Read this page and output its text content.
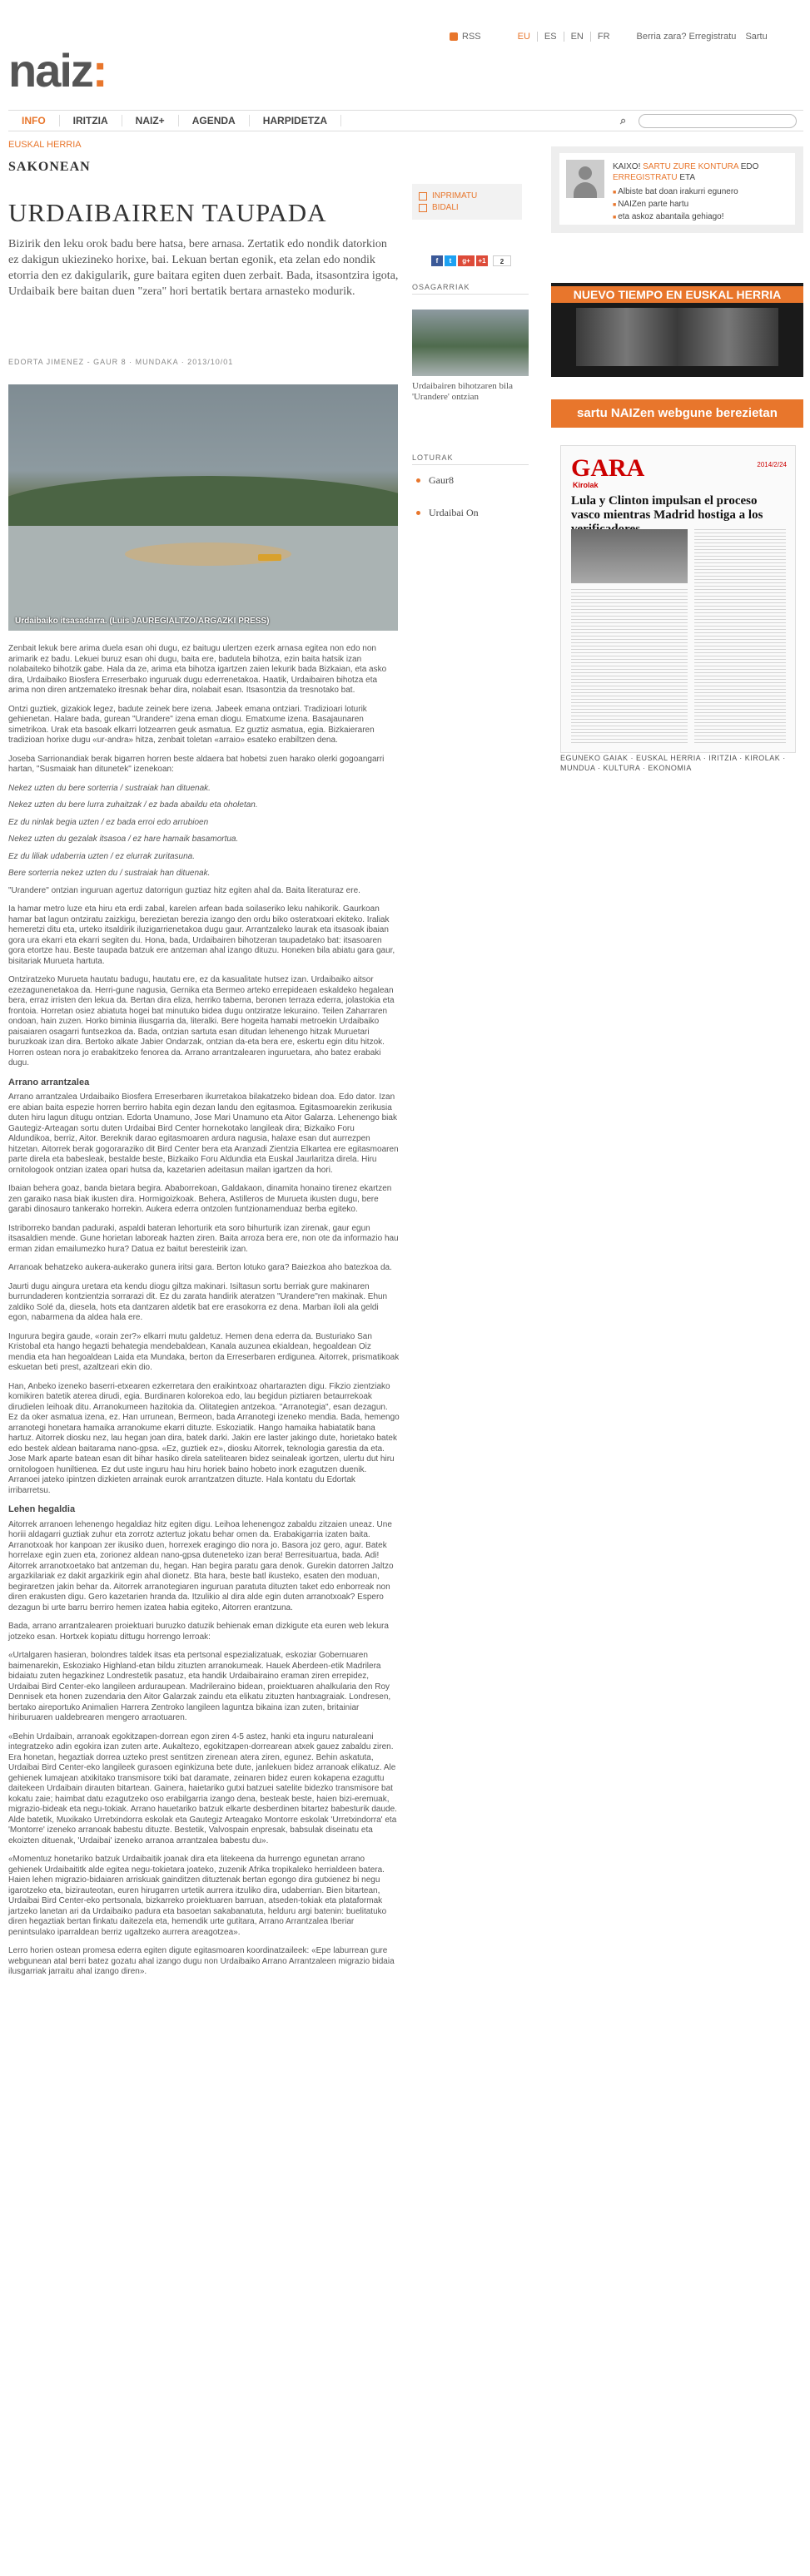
RSS	EU	ES	EN	FR	Berria zara? Erregistratu Sartu
naiz:
INFO	IRITZIA	NAIZ+	AGENDA	HARPIDETZA	⌕
EUSKAL HERRIA
SAKONEAN
URDAIBAIREN TAUPADA
Bizirik den leku orok badu bere hatsa, bere arnasa. Zertatik edo nondik datorkion ez dakigun ukiezineko horixe, bai. Lekuan bertan egonik, eta zelan edo nondik etorria den ez dakigularik, gure baitara egiten duen zerbait. Bada, itsasontzira igota, Urdaibaik bere baitan duen "zera" hori bertatik bertara arnasteko modurik.
EDORTA JIMENEZ - GAUR 8 · MUNDAKA · 2013/10/01
Urdaibaiko itsasadarra. (Luis JAUREGIALTZO/ARGAZKI PRESS)

Zenbait lekuk bere arima duela esan ohi dugu, ez baitugu ulertzen ezerk arnasa egitea non edo non arimarik ez badu. Lekuei buruz esan ohi dugu, baita ere, badutela bihotza, ezin baita hatsik izan nolabaiteko bihotzik gabe. Hala da ze, arima eta bihotza igartzen zaien lekurik bada Bizkaian, eta asko dira, Urdaibaiko Biosfera Erreserbako inguruak dugu ederrenetakoa. Haatik, Urdaibairen bihotza eta arima non diren antzemateko itresnak behar dira, nolabait esan. Itsasontzia da tresnotako bat.

Ontzi guztiek, gizakiok legez, badute zeinek bere izena. Jabeek emana ontziari. Tradizioari loturik gehienetan. Halare bada, gurean "Urandere" izena eman diogu. Ematxume izena. Basajaunaren simetrikoa. Urak eta basoak elkarri lotzearren geuk asmatua. Ez guztiz asmatua, egia. Bizkaieraren tradizioan horixe dugu «ur-andra» hitza, zenbait toletan «arraio» esateko erabiltzen dena.

Joseba Sarrionandiak berak bigarren horren beste aldaera bat hobetsi zuen harako olerki gogoangarri hartan, "Susmaiak han ditunetek" izenekoan:

Nekez uzten du bere sorterria / sustraiak han dituenak.

Nekez uzten du bere lurra zuhaitzak / ez bada abaildu eta oholetan.

Ez du ninlak begia uzten / ez bada erroi edo arrubioen

Nekez uzten du gezalak itsasoa / ez hare hamaik basamortua.

Ez du liliak udaberria uzten / ez elurrak zuritasuna.

Bere sorterria nekez uzten du / sustraiak han dituenak.

"Urandere" ontzian inguruan agertuz datorrigun guztiaz hitz egiten ahal da. Baita literaturaz ere.

Ia hamar metro luze eta hiru eta erdi zabal, karelen arfean bada soilaseriko leku nahikorik. Gaurkoan hamar bat lagun ontziratu zaizkigu, berezietan berezia izango den ordu biko osteratxoari ekiteko. Iraliak hemeretzi ditu eta, urteko itsaldirik iluzigarrienetakoa dugu gaur. Arrantzaleko laurak eta itsasoak ibaian gora ura ekarri eta ekarri segiten du. Hona, bada, Urdaibairen bihotzeran taupadetako bat: itsasoaren gora etortze hau. Beste taupada batzuk ere antzeman ahal izango dituzu. Honeken bila abiatu gara gaur, bisitariak Murueta hartuta.

Ontziratzeko Murueta hautatu badugu, hautatu ere, ez da kasualitate hutsez izan. Urdaibaiko aitsor ezezagunenetakoa da. Herri-gune nagusia, Gernika eta Bermeo arteko errepideaen eskaldeko hegalean bera, erraz irristen den lekua da. Bertan dira eliza, herriko taberna, beronen terraza ederra, jolastokia eta frontoia. Horretan osiez abiatuta hogei bat minutuko bidea dugu ontziratze lekuraino. Teilen Zaharraren ondoan, hain zuzen. Horko biminia iliusgarria da, literalki. Bere hogeita hamabi metroekin Urdaibaiko paisaiaren osagarri funtsezkoa da. Bada, ontzian sartuta esan ditudan lehenengo hitzak Muruetari buruzkoak izan dira. Bertoko alkate Jabier Ondarzak, ontzian da-eta bera ere, eskertu egin ditu hitzok. Horren ostean nora jo erabakitzeko fenorea da. Arrano arrantzalearen inguruetara, aho batez erabaki dugu.

Arrano arrantzalea

Arrano arrantzalea Urdaibaiko Biosfera Erreserbaren ikurretakoa bilakatzeko bidean doa. Edo dator. Izan ere abian baita espezie horren berriro habita egin dezan landu den egitasmoa. Egitasmoarekin zerikusia duten hiru lagun ditugu ontzian. Edorta Unamuno, Jose Mari Unamuno eta Aitor Galarza. Lehenengo biak Gautegiz-Arteagan sortu duten Urdaibai Bird Center hornekotako langileak dira; Bizkaiko Foru Aldundikoa, berriz, Aitor. Bereknik darao egitasmoaren ardura nagusia, halaxe esan dut aurrezpen hitzetan. Aitorrek berak gogoraraziko dit Bird Center bera eta Aranzadi Zientzia Elkartea ere egitasmoaren parte direla eta babesleak, bestalde beste, Bizkaiko Foru Aldundia eta Euskal Jaurlaritza direla. Hiru ornitologook ontzian izatea opari hutsa da, kazetarien adeitasun mailan igartzen da hori.

Ibaian behera goaz, banda bietara begira. Ababorrekoan, Galdakaon, dinamita honaino tirenez ekartzen zen garaiko nasa biak ikusten dira. Hormigoizkoak. Behera, Astilleros de Murueta ikusten dugu, bere garabi dinosauro tankerako horrekin. Aukera ederra ontzolen funtzionamenduaz berba egiteko.

Istriborreko bandan paduraki, aspaldi bateran lehorturik eta soro bihurturik izan zirenak, gaur egun itsasaldien mende. Gune horietan laboreak hazten ziren. Baita arroza bera ere, non ote da informazio hau erman zidan emailumezko hura? Datua ez baitut beresteirik izan.

Arranoak behatzeko aukera-aukerako gunera iritsi gara. Berton lotuko gara? Baiezkoa aho batezkoa da.

Jaurti dugu aingura uretara eta kendu diogu giltza makinari. Isiltasun sortu berriak gure makinaren burrundaderen kontzientzia sorrarazi dit. Ez du zarata handirik ateratzen "Urandere"ren makinak. Ehun zaldiko Solé da, diesela, hots eta dantzaren aldetik bat ere erasokorra ez dena. Marban iloli ala geldi egon, nabarmena da aldea hala ere.

Ingurura begira gaude, «orain zer?» elkarri mutu galdetuz. Hemen dena ederra da. Busturiako San Kristobal eta hango hegazti behategia mendebaldean, Kanala auzunea ekialdean, hegoaldean Oiz mendia eta han hegoaldean Laida eta Mundaka, berton da Erreserbaren erdigunea. Aitorrek, prismatikoak eskuetan beti prest, azaltzeari ekin dio.

Han, Anbeko izeneko baserri-etxearen ezkerretara den eraikintxoaz ohartarazten digu. Fikzio zientziako komikiren batetik aterea dirudi, egia. Burdinaren kolorekoa edo, lau begidun piztiaren betaurrekoak dirudielen leihoak ditu. Arranokumeen hazitokia da. Olitategien antzekoa. "Arranotegia", esan dezagun. Ez da oker asmatua izena, ez. Han urrunean, Bermeon, bada Arranotegi izeneko mendia. Bada, hemengo arranotegi honetara hamaika arranokume ekarri dituzte. Eskoziatik. Hango hamaika habiatatik bana hartuz. Aitorrek diosku nez, lau hegan joan dira, batek darki. Jakin ere laster jakingo dute, horietako batek edo bestek aldean baitarama nano-gpsa. «Ez, guztiek ez», diosku Aitorrek, teknologia garestia da eta. Jose Mark aparte batean esan dit bihar hasiko direla satelitearen bidez seinaleak igortzen, ulertu dut hiru ornitologoen huniltienea. Ez dut uste inguru hau hiru horiek baino hobeto inork ezagutzen duenik. Arranoei jateko ipintzen dizkieten arrainak eurok arrantzatzen dituzte. Hala kontatu du Edortak irribarretsu.

Lehen hegaldia

Aitorrek arranoen lehenengo hegaldiaz hitz egiten digu. Leihoa lehenengoz zabaldu zitzaien uneaz. Une horiii aldagarri guztiak zuhur eta zorrotz aztertuz jokatu behar omen da. Erabakigarria izaten baita. Arranotxoak hor kanpoan zer ikusiko duen, horrexek eragingo dio nora jo. Basora joz gero, agur. Batek horrelaxe egin zuen eta, zorionez aldean nano-gpsa duteneteko izan bera! Berresituartua, bada. Adi! Aitorrek arranotxoetako bat antzeman du, hegan. Han begira paratu gara denok. Gurekin datorren Jaltzo argazkilariak ez dakit argazkirik egin ahal dionetz. Bta hara, beste batl ikusteko, esaten den moduan, begiraretzen jakin behar da. Aitorrek arranotegiaren inguruan paratuta dituzten taket edo enborreak non diren erakusten digu. Gero kazetarien hranda da. Itzulikio al dira alde egin duten arranotxoak? Espero dezagun bi urte barru berriro hemen izatea habia egiteko, Aitorren erantzuna.

Bada, arrano arrantzalearen proiektuari buruzko datuzik behienak eman dizkigute eta euren web lekura jotzeko esan. Hortxek kopiatu dittugu horrengo lerroak:

«Urtalgaren hasieran, bolondres taldek itsas eta pertsonal espezializatuak, eskoziar Gobernuaren baimenarekin, Eskoziako Highland-etan bildu zituzten arranokumeak. Hauek Aberdeen-etik Madrilera bidaiatu zuten hegazkinez Londrestetik pasatuz, eta handik Urdaibairaino eraman ziren errepidez, Urdaibai Bird Center-eko langileen arduraupean. Madrileraino bidean, proiektuaren ahalkularia den Roy Dennisek eta honen zuzendaria den Aitor Galarzak zaindu eta elikatu zituzten hantxagraiak. Londresen, bertako aireportuko Animalien Harrera Zentroko langileen laguntza bikaina izan zuten, britainiar hiriburuaren ualdebrearen mengero arraotuaren.

«Behin Urdaibain, arranoak egokitzapen-dorrean egon ziren 4-5 astez, hanki eta inguru naturaleani integratzeko adin egokira izan zuten arte. Aukaltezo, egokitzapen-dorrearean atxek gauez zabaldu ziren. Era honetan, hegaztiak dorrea uzteko prest sentitzen zirenean atera ziren, egunez. Behin askatuta, Urdaibai Bird Center-eko langileek gurasoen eginkizuna bete dute, janlekuen bidez arranoak elikatuz. Ale gehienek lumajean atxikitako transmisore txiki bat daramate, zeinaren bidez euren kokapena ezaguttu daitekeen Urdaibain dirauten bitartean. Gainera, haietariko gutxi batzuei satelite bidezko transmisore bat kokatu zaie; haimbat datu ezagutzeko oso erabilgarria izango dena, besteak beste, haien bizi-eremuak, migrazio-bideak eta negu-tokiak. Arrano hauetariko batzuk elkarte desberdinen bitartez babesturik daude. Alde batetik, Muxikako Urretxindorra eskolak eta Gautegiz Arteagako Montorre eskolak 'Urretxindorra' eta 'Montorre' izeneko arranoak babestu dituzte. Bestetik, Valvospain enpresak, babsulak diseinatu eta ekoizten dituenak, 'Urdaibai' izeneko arranoa arrantzalea babestu du».

«Momentuz honetariko batzuk Urdaibaitik joanak dira eta litekeena da hurrengo egunetan arrano gehienek Urdaibaititk alde egitea negu-tokietara joateko, zuzenik Afrika tropikaleko herrialdeen batera. Haien lehen migrazio-bidaiaren arriskuak gainditzen dituztenak bertan egongo dira gutxienez bi negu igarotzeko eta, bizirauteotan, euren hirugarren urtetik aurrera itzuliko dira, udaberrian. Bien bitartean, Urdaibai Bird Center-eko pertsonala, bizkarreko proiektuaren barruan, atseden-tokiak eta plataformak jartzeko lanetan ari da Urdaibaiko padura eta basoetan sakabanatuta, helduru argi batenin: buelitatuko diren hegaztiak bertan finkatu daitezela eta, hemendik urte gutitara, Arrano Arrantzalea Iberiar penintsulako iparraldean berriz ugaltzeko aurrera areagotzea».

Lerro horien ostean promesa ederra egiten digute egitasmoaren koordinatzaileek: «Epe laburrean gure webgunean atal berri batez gozatu ahal izango dugu non Urdaibaiko Arrano Arrantzaleen migrazio bidaia ilusgarriak jarraitu ahal izango diren».

INPRIMATU
BIDALI
f	t	g+	+1	2
OSAGARRIAK
Urdaibairen bihotzaren bila 'Urandere' ontzian
LOTURAK
Gaur8
Urdaibai On
KAIXO! SARTU ZURE KONTURA EDO ERREGISTRATU ETA
■ Albiste bat doan irakurri egunero
■ NAIZen parte hartu
■ eta askoz abantaila gehiago!
NUEVO TIEMPO EN EUSKAL HERRIA
sartu NAIZen webgune berezietan
GARA
Kirolak
2014/2/24
Lula y Clinton impulsan el proceso vasco mientras Madrid hostiga a los
EGUNEKO GAIAK · EUSKAL HERRIA · IRITZIA · KIROLAK · MUNDUA · KULTURA · EKONOMIA
